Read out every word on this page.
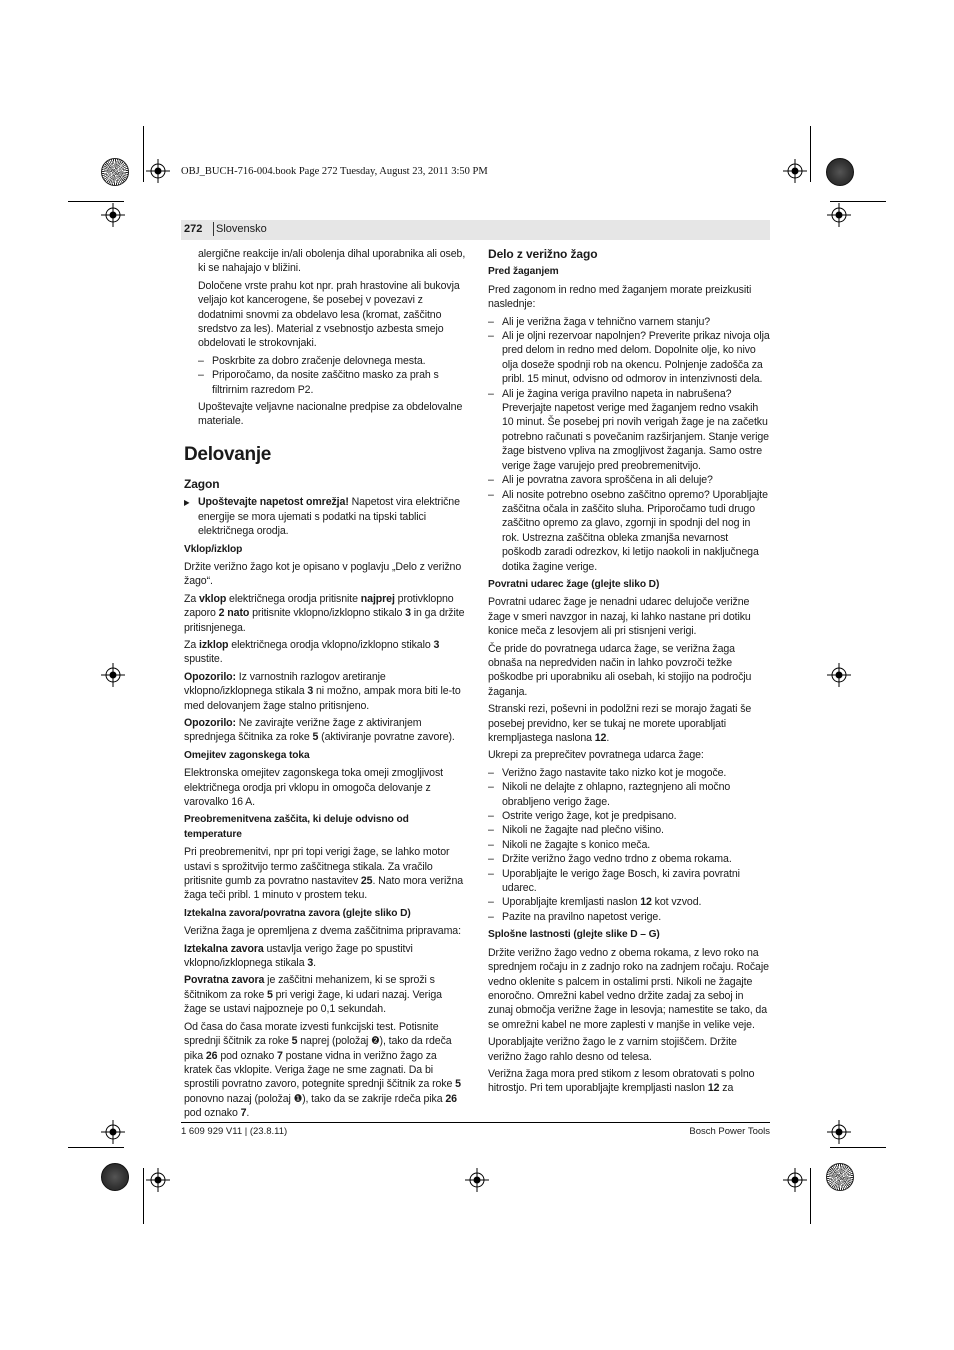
OBJ_BUCH-716-004.book Page 272 Tuesday, August 23, 2011 3:50 PM
272 Slovensko

alergične reakcije in/ali obolenja dihal uporabnika ali oseb, ki se nahajajo v bližini.

Določene vrste prahu kot npr. prah hrastovine ali bukovja veljajo kot kancerogene, še posebej v povezavi z dodatnimi snovmi za obdelavo lesa (kromat, zaščitno sredstvo za les). Material z vsebnostjo azbesta smejo obdelovati le strokovnjaki.

– Poskrbite za dobro zračenje delovnega mesta.
– Priporočamo, da nosite zaščitno masko za prah s filtrirnim razredom P2.

Upoštevajte veljavne nacionalne predpise za obdelovalne materiale.

Delovanje
Zagon
▶ Upoštevajte napetost omrežja! Napetost vira električne energije se mora ujemati s podatki na tipski tablici električnega orodja.
Vklop/izklop

Držite verižno žago kot je opisano v poglavju „Delo z verižno žago“.

Za vklop električnega orodja pritisnite najprej protivklopno zaporo 2 nato pritisnite vklopno/izklopno stikalo 3 in ga držite pritisnjenega.

Za izklop električnega orodja vklopno/izklopno stikalo 3 spustite.

Opozorilo: Iz varnostnih razlogov aretiranje vklopno/izklopnega stikala 3 ni možno, ampak mora biti le-to med delovanjem žage stalno pritisnjeno.

Opozorilo: Ne zavirajte verižne žage z aktiviranjem sprednjega ščitnika za roke 5 (aktiviranje povratne zavore).

Omejitev zagonskega toka

Elektronska omejitev zagonskega toka omeji zmogljivost električnega orodja pri vklopu in omogoča delovanje z varovalko 16 A.

Preobremenitvena zaščita, ki deluje odvisno od temperature

Pri preobremenitvi, npr pri topi verigi žage, se lahko motor ustavi s sprožitvijo termo zaščitnega stikala. Za vračilo pritisnite gumb za povratno nastavitev 25. Nato mora verižna žaga teči pribl. 1 minuto v prostem teku.

Iztekalna zavora/povratna zavora (glejte sliko D)

Verižna žaga je opremljena z dvema zaščitnima pripravama:

Iztekalna zavora ustavlja verigo žage po spustitvi vklopno/izklopnega stikala 3.

Povratna zavora je zaščitni mehanizem, ki se sproži s ščitnikom za roke 5 pri verigi žage, ki udari nazaj. Veriga žage se ustavi najpozneje po 0,1 sekundah.

Od časa do časa morate izvesti funkcijski test. Potisnite sprednji ščitnik za roke 5 naprej (položaj ❷), tako da rdeča pika 26 pod oznako 7 postane vidna in verižno žago za kratek čas vklopite. Veriga žage ne sme zagnati. Da bi sprostili povratno zavoro, potegnite sprednji ščitnik za roke 5 ponovno nazaj (položaj ❶), tako da se zakrije rdeča pika 26 pod oznako 7.

Delo z verižno žago
Pred žaganjem

Pred zagonom in redno med žaganjem morate preizkusiti naslednje:

– Ali je verižna žaga v tehnično varnem stanju?
– Ali je oljni rezervoar napolnjen? Preverite prikaz nivoja olja pred delom in redno med delom. Dopolnite olje, ko nivo olja doseže spodnji rob na okencu. Polnjenje zadošča za pribl. 15 minut, odvisno od odmorov in intenzivnosti dela.
– Ali je žagina veriga pravilno napeta in nabrušena? Preverjajte napetost verige med žaganjem redno vsakih 10 minut. Še posebej pri novih verigah žage je na začetku potrebno računati s povečanim razširjanjem. Stanje verige žage bistveno vpliva na zmogljivost žaganja. Samo ostre verige žage varujejo pred preobremenitvijo.
– Ali je povratna zavora sproščena in ali deluje?
– Ali nosite potrebno osebno zaščitno opremo? Uporabljajte zaščitna očala in zaščito sluha. Priporočamo tudi drugo zaščitno opremo za glavo, zgornji in spodnji del nog in rok. Ustrezna zaščitna obleka zmanjša nevarnost poškodb zaradi odrezkov, ki letijo naokoli in naključnega dotika žagine verige.
Povratni udarec žage (glejte sliko D)

Povratni udarec žage je nenadni udarec delujoče verižne žage v smeri navzgor in nazaj, ki lahko nastane pri dotiku konice meča z lesovjem ali pri stisnjeni verigi.

Če pride do povratnega udarca žage, se verižna žaga obnaša na nepredviden način in lahko povzroči težke poškodbe pri uporabniku ali osebah, ki stojijo na področju žaganja.

Stranski rezi, poševni in podolžni rezi se morajo žagati še posebej previdno, ker se tukaj ne morete uporabljati krempljastega naslona 12.

Ukrepi za preprečitev povratnega udarca žage:

– Verižno žago nastavite tako nizko kot je mogoče.
– Nikoli ne delajte z ohlapno, raztegnjeno ali močno obrabljeno verigo žage.
– Ostrite verigo žage, kot je predpisano.
– Nikoli ne žagajte nad plečno višino.
– Nikoli ne žagajte s konico meča.
– Držite verižno žago vedno trdno z obema rokama.
– Uporabljajte le verigo žage Bosch, ki zavira povratni udarec.
– Uporabljajte kremljasti naslon 12 kot vzvod.
– Pazite na pravilno napetost verige.
Splošne lastnosti (glejte slike D – G)

Držite verižno žago vedno z obema rokama, z levo roko na sprednjem ročaju in z zadnjo roko na zadnjem ročaju. Ročaje vedno oklenite s palcem in ostalimi prsti. Nikoli ne žagajte enoročno. Omrežni kabel vedno držite zadaj za seboj in zunaj območja verižne žage in lesovja; namestite se tako, da se omrežni kabel ne more zaplesti v manjše in velike veje.

Uporabljajte verižno žago le z varnim stojiščem. Držite verižno žago rahlo desno od telesa.

Verižna žaga mora pred stikom z lesom obratovati s polno hitrostjo. Pri tem uporabljajte krempljasti naslon 12 za

1 609 929 V11 | (23.8.11)	Bosch Power Tools
